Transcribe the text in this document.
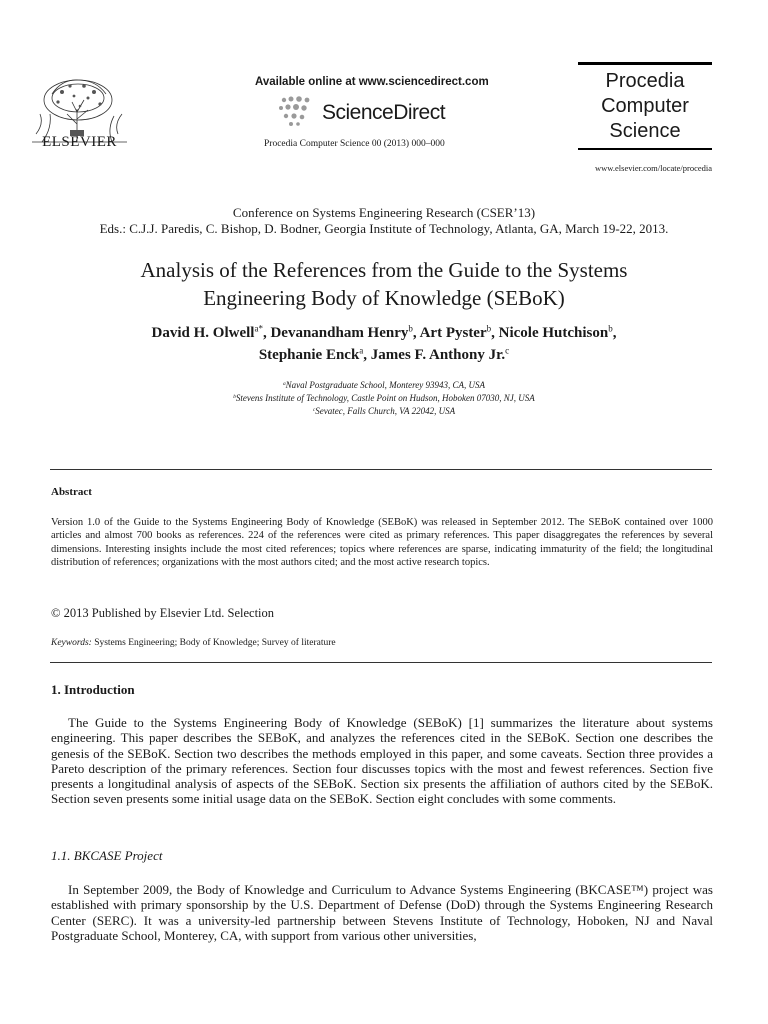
ELSEVIER
Available online at www.sciencedirect.com
ScienceDirect
Procedia Computer Science 00 (2013) 000–000
Procedia
Computer
Science
www.elsevier.com/locate/procedia
Conference on Systems Engineering Research (CSER’13)
Eds.: C.J.J. Paredis, C. Bishop, D. Bodner, Georgia Institute of Technology, Atlanta, GA, March 19-22, 2013.
Analysis of the References from the Guide to the Systems
Engineering Body of Knowledge (SEBoK)
David H. Olwell$^{a*}$, Devanandham Henry$^b$, Art Pyster$^b$, Nicole Hutchison$^b$,
Stephanie Enck$^a$, James F. Anthony Jr.$^c$
$^a$Naval Postgraduate School, Monterey 93943, CA, USA
$^b$Stevens Institute of Technology, Castle Point on Hudson, Hoboken 07030, NJ, USA
$^c$Sevatec, Falls Church, VA 22042, USA
Abstract
Version 1.0 of the Guide to the Systems Engineering Body of Knowledge (SEBoK) was released in September 2012. The SEBoK contained over 1000 articles and almost 700 books as references. 224 of the references were cited as primary references. This paper disaggregates the references by several dimensions. Interesting insights include the most cited references; topics where references are sparse, indicating immaturity of the field; the longitudinal distribution of references; organizations with the most authors cited; and the most active research topics.
© 2013 Published by Elsevier Ltd. Selection
Keywords: Systems Engineering; Body of Knowledge; Survey of literature
1. Introduction
The Guide to the Systems Engineering Body of Knowledge (SEBoK) [1] summarizes the literature about systems engineering. This paper describes the SEBoK, and analyzes the references cited in the SEBoK. Section one describes the genesis of the SEBoK. Section two describes the methods employed in this paper, and some caveats. Section three provides a Pareto description of the primary references. Section four discusses topics with the most and fewest references. Section five presents a longitudinal analysis of aspects of the SEBoK. Section six presents the affiliation of authors cited by the SEBoK. Section seven presents some initial usage data on the SEBoK. Section eight concludes with some comments.
1.1. BKCASE Project
In September 2009, the Body of Knowledge and Curriculum to Advance Systems Engineering (BKCASE™) project was established with primary sponsorship by the U.S. Department of Defense (DoD) through the Systems Engineering Research Center (SERC). It was a university-led partnership between Stevens Institute of Technology, Hoboken, NJ and Naval Postgraduate School, Monterey, CA, with support from various other universities,
